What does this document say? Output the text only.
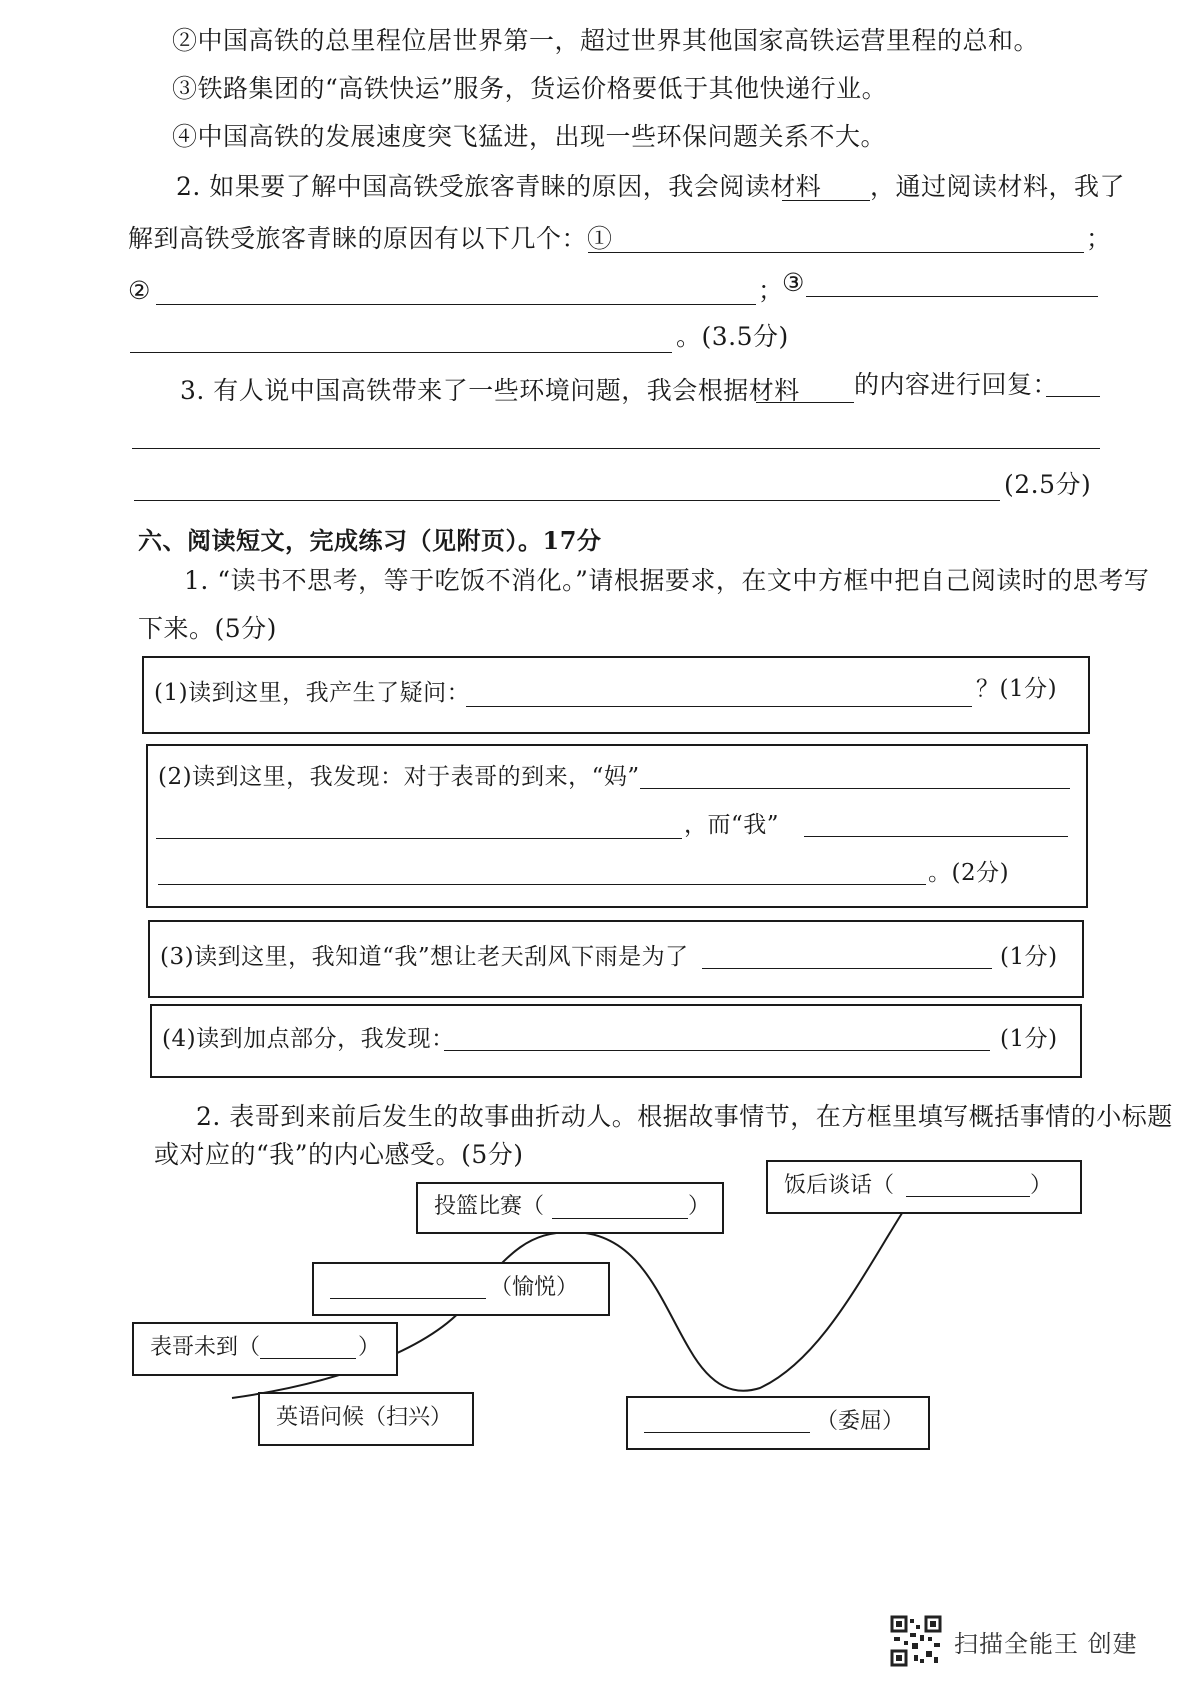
②中国高铁的总里程位居世界第一，超过世界其他国家高铁运营里程的总和。
③铁路集团的“高铁快运”服务，货运价格要低于其他快递行业。
④中国高铁的发展速度突飞猛进，出现一些环保问题关系不大。
2. 如果要了解中国高铁受旅客青睐的原因，我会阅读材料 ，通过阅读材料，我了
解到高铁受旅客青睐的原因有以下几个：①	；
②	；
③
。(3.5分)
3. 有人说中国高铁带来了一些环境问题，我会根据材料 的内容进行回复：
(2.5分)
六、阅读短文，完成练习（见附页）。17分
1. “读书不思考，等于吃饭不消化。”请根据要求，在文中方框中把自己阅读时的思考写
下来。(5分)
(1)读到这里，我产生了疑问：	？(1分)
(2)读到这里，我发现：对于表哥的到来，“妈”
，而“我”
。(2分)
(3)读到这里，我知道“我”想让老天刮风下雨是为了	(1分)
(4)读到加点部分，我发现：	(1分)
2. 表哥到来前后发生的故事曲折动人。根据故事情节，在方框里填写概括事情的小标题
或对应的“我”的内心感受。(5分)
投篮比赛（	）
饭后谈话（	）
（愉悦）
表哥未到（	）
英语问候（扫兴）	（委屈）
扫描全能王 创建
